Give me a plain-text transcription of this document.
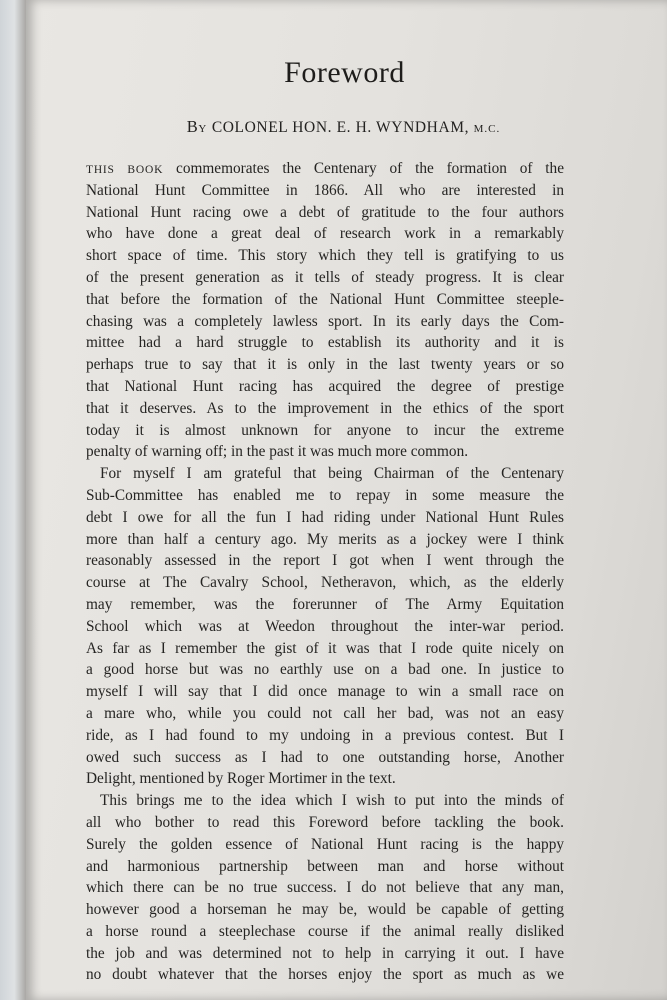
Foreword
BY COLONEL HON. E. H. WYNDHAM, M.C.
THIS BOOK commemorates the Centenary of the formation of the
National Hunt Committee in 1866. All who are interested in
National Hunt racing owe a debt of gratitude to the four authors
who have done a great deal of research work in a remarkably
short space of time. This story which they tell is gratifying to us
of the present generation as it tells of steady progress. It is clear
that before the formation of the National Hunt Committee steeple-
chasing was a completely lawless sport. In its early days the Com-
mittee had a hard struggle to establish its authority and it is
perhaps true to say that it is only in the last twenty years or so
that National Hunt racing has acquired the degree of prestige
that it deserves. As to the improvement in the ethics of the sport
today it is almost unknown for anyone to incur the extreme
penalty of warning off; in the past it was much more common.
For myself I am grateful that being Chairman of the Centenary
Sub-Committee has enabled me to repay in some measure the
debt I owe for all the fun I had riding under National Hunt Rules
more than half a century ago. My merits as a jockey were I think
reasonably assessed in the report I got when I went through the
course at The Cavalry School, Netheravon, which, as the elderly
may remember, was the forerunner of The Army Equitation
School which was at Weedon throughout the inter-war period.
As far as I remember the gist of it was that I rode quite nicely on
a good horse but was no earthly use on a bad one. In justice to
myself I will say that I did once manage to win a small race on
a mare who, while you could not call her bad, was not an easy
ride, as I had found to my undoing in a previous contest. But I
owed such success as I had to one outstanding horse, Another
Delight, mentioned by Roger Mortimer in the text.
This brings me to the idea which I wish to put into the minds of
all who bother to read this Foreword before tackling the book.
Surely the golden essence of National Hunt racing is the happy
and harmonious partnership between man and horse without
which there can be no true success. I do not believe that any man,
however good a horseman he may be, would be capable of getting
a horse round a steeplechase course if the animal really disliked
the job and was determined not to help in carrying it out. I have
no doubt whatever that the horses enjoy the sport as much as we
